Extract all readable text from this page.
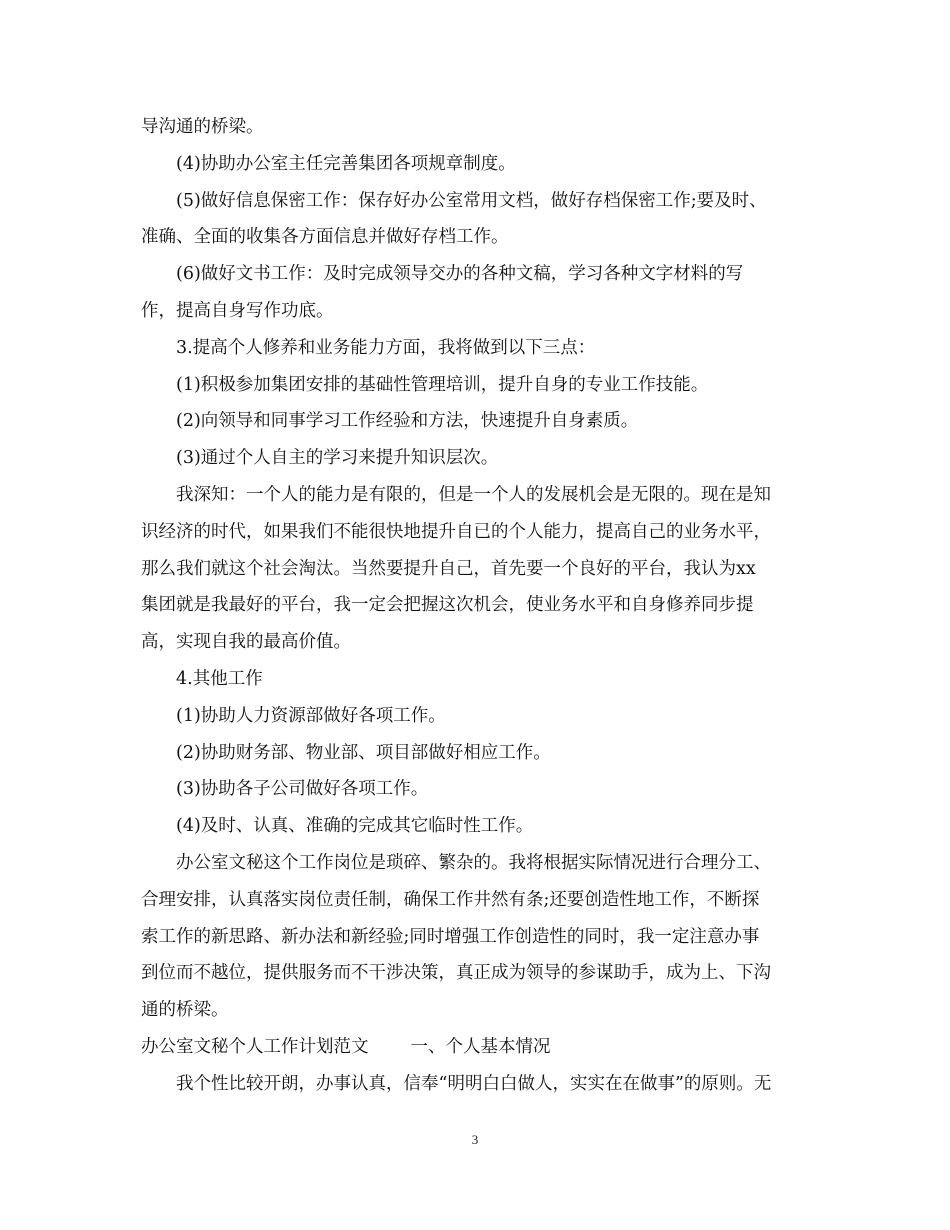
导沟通的桥梁。
(4)协助办公室主任完善集团各项规章制度。
(5)做好信息保密工作：保存好办公室常用文档，做好存档保密工作;要及时、
准确、全面的收集各方面信息并做好存档工作。
(6)做好文书工作：及时完成领导交办的各种文稿，学习各种文字材料的写
作，提高自身写作功底。
3.提高个人修养和业务能力方面，我将做到以下三点：
(1)积极参加集团安排的基础性管理培训，提升自身的专业工作技能。
(2)向领导和同事学习工作经验和方法，快速提升自身素质。
(3)通过个人自主的学习来提升知识层次。
我深知：一个人的能力是有限的，但是一个人的发展机会是无限的。现在是知
识经济的时代，如果我们不能很快地提升自已的个人能力，提高自己的业务水平，
那么我们就这个社会淘汰。当然要提升自己，首先要一个良好的平台，我认为xx
集团就是我最好的平台，我一定会把握这次机会，使业务水平和自身修养同步提
高，实现自我的最高价值。
4.其他工作
(1)协助人力资源部做好各项工作。
(2)协助财务部、物业部、项目部做好相应工作。
(3)协助各子公司做好各项工作。
(4)及时、认真、准确的完成其它临时性工作。
办公室文秘这个工作岗位是琐碎、繁杂的。我将根据实际情况进行合理分工、
合理安排，认真落实岗位责任制，确保工作井然有条;还要创造性地工作，不断探
索工作的新思路、新办法和新经验;同时增强工作创造性的同时，我一定注意办事
到位而不越位，提供服务而不干涉决策，真正成为领导的参谋助手，成为上、下沟
通的桥梁。
办公室文秘个人工作计划范文 一、个人基本情况
我个性比较开朗，办事认真，信奉“明明白白做人，实实在在做事”的原则。无
3
